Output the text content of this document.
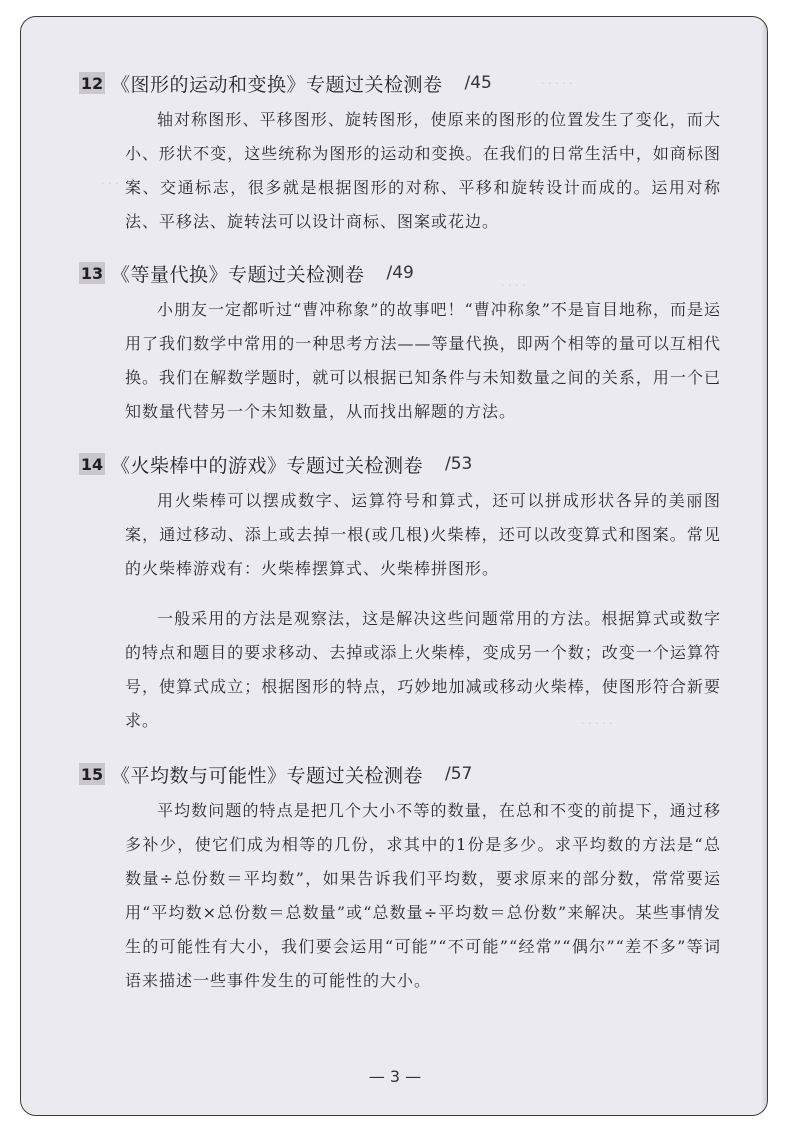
· · · · ·
· · ·
· · · ·
· · · · ·
12 《图形的运动和变换》专题过关检测卷 /45
轴对称图形、平移图形、旋转图形，使原来的图形的位置发生了变化，而大小、形状不变，这些统称为图形的运动和变换。在我们的日常生活中，如商标图案、交通标志，很多就是根据图形的对称、平移和旋转设计而成的。运用对称法、平移法、旋转法可以设计商标、图案或花边。
13 《等量代换》专题过关检测卷 /49
小朋友一定都听过“曹冲称象”的故事吧！“曹冲称象”不是盲目地称，而是运用了我们数学中常用的一种思考方法——等量代换，即两个相等的量可以互相代换。我们在解数学题时，就可以根据已知条件与未知数量之间的关系，用一个已知数量代替另一个未知数量，从而找出解题的方法。
14 《火柴棒中的游戏》专题过关检测卷 /53
用火柴棒可以摆成数字、运算符号和算式，还可以拼成形状各异的美丽图案，通过移动、添上或去掉一根(或几根)火柴棒，还可以改变算式和图案。常见的火柴棒游戏有：火柴棒摆算式、火柴棒拼图形。
一般采用的方法是观察法，这是解决这些问题常用的方法。根据算式或数字的特点和题目的要求移动、去掉或添上火柴棒，变成另一个数；改变一个运算符号，使算式成立；根据图形的特点，巧妙地加减或移动火柴棒，使图形符合新要求。
15 《平均数与可能性》专题过关检测卷 /57
平均数问题的特点是把几个大小不等的数量，在总和不变的前提下，通过移多补少，使它们成为相等的几份，求其中的1份是多少。求平均数的方法是“总数量÷总份数＝平均数”，如果告诉我们平均数，要求原来的部分数，常常要运用“平均数×总份数＝总数量”或“总数量÷平均数＝总份数”来解决。某些事情发生的可能性有大小，我们要会运用“可能”“不可能”“经常”“偶尔”“差不多”等词语来描述一些事件发生的可能性的大小。
— 3 —
